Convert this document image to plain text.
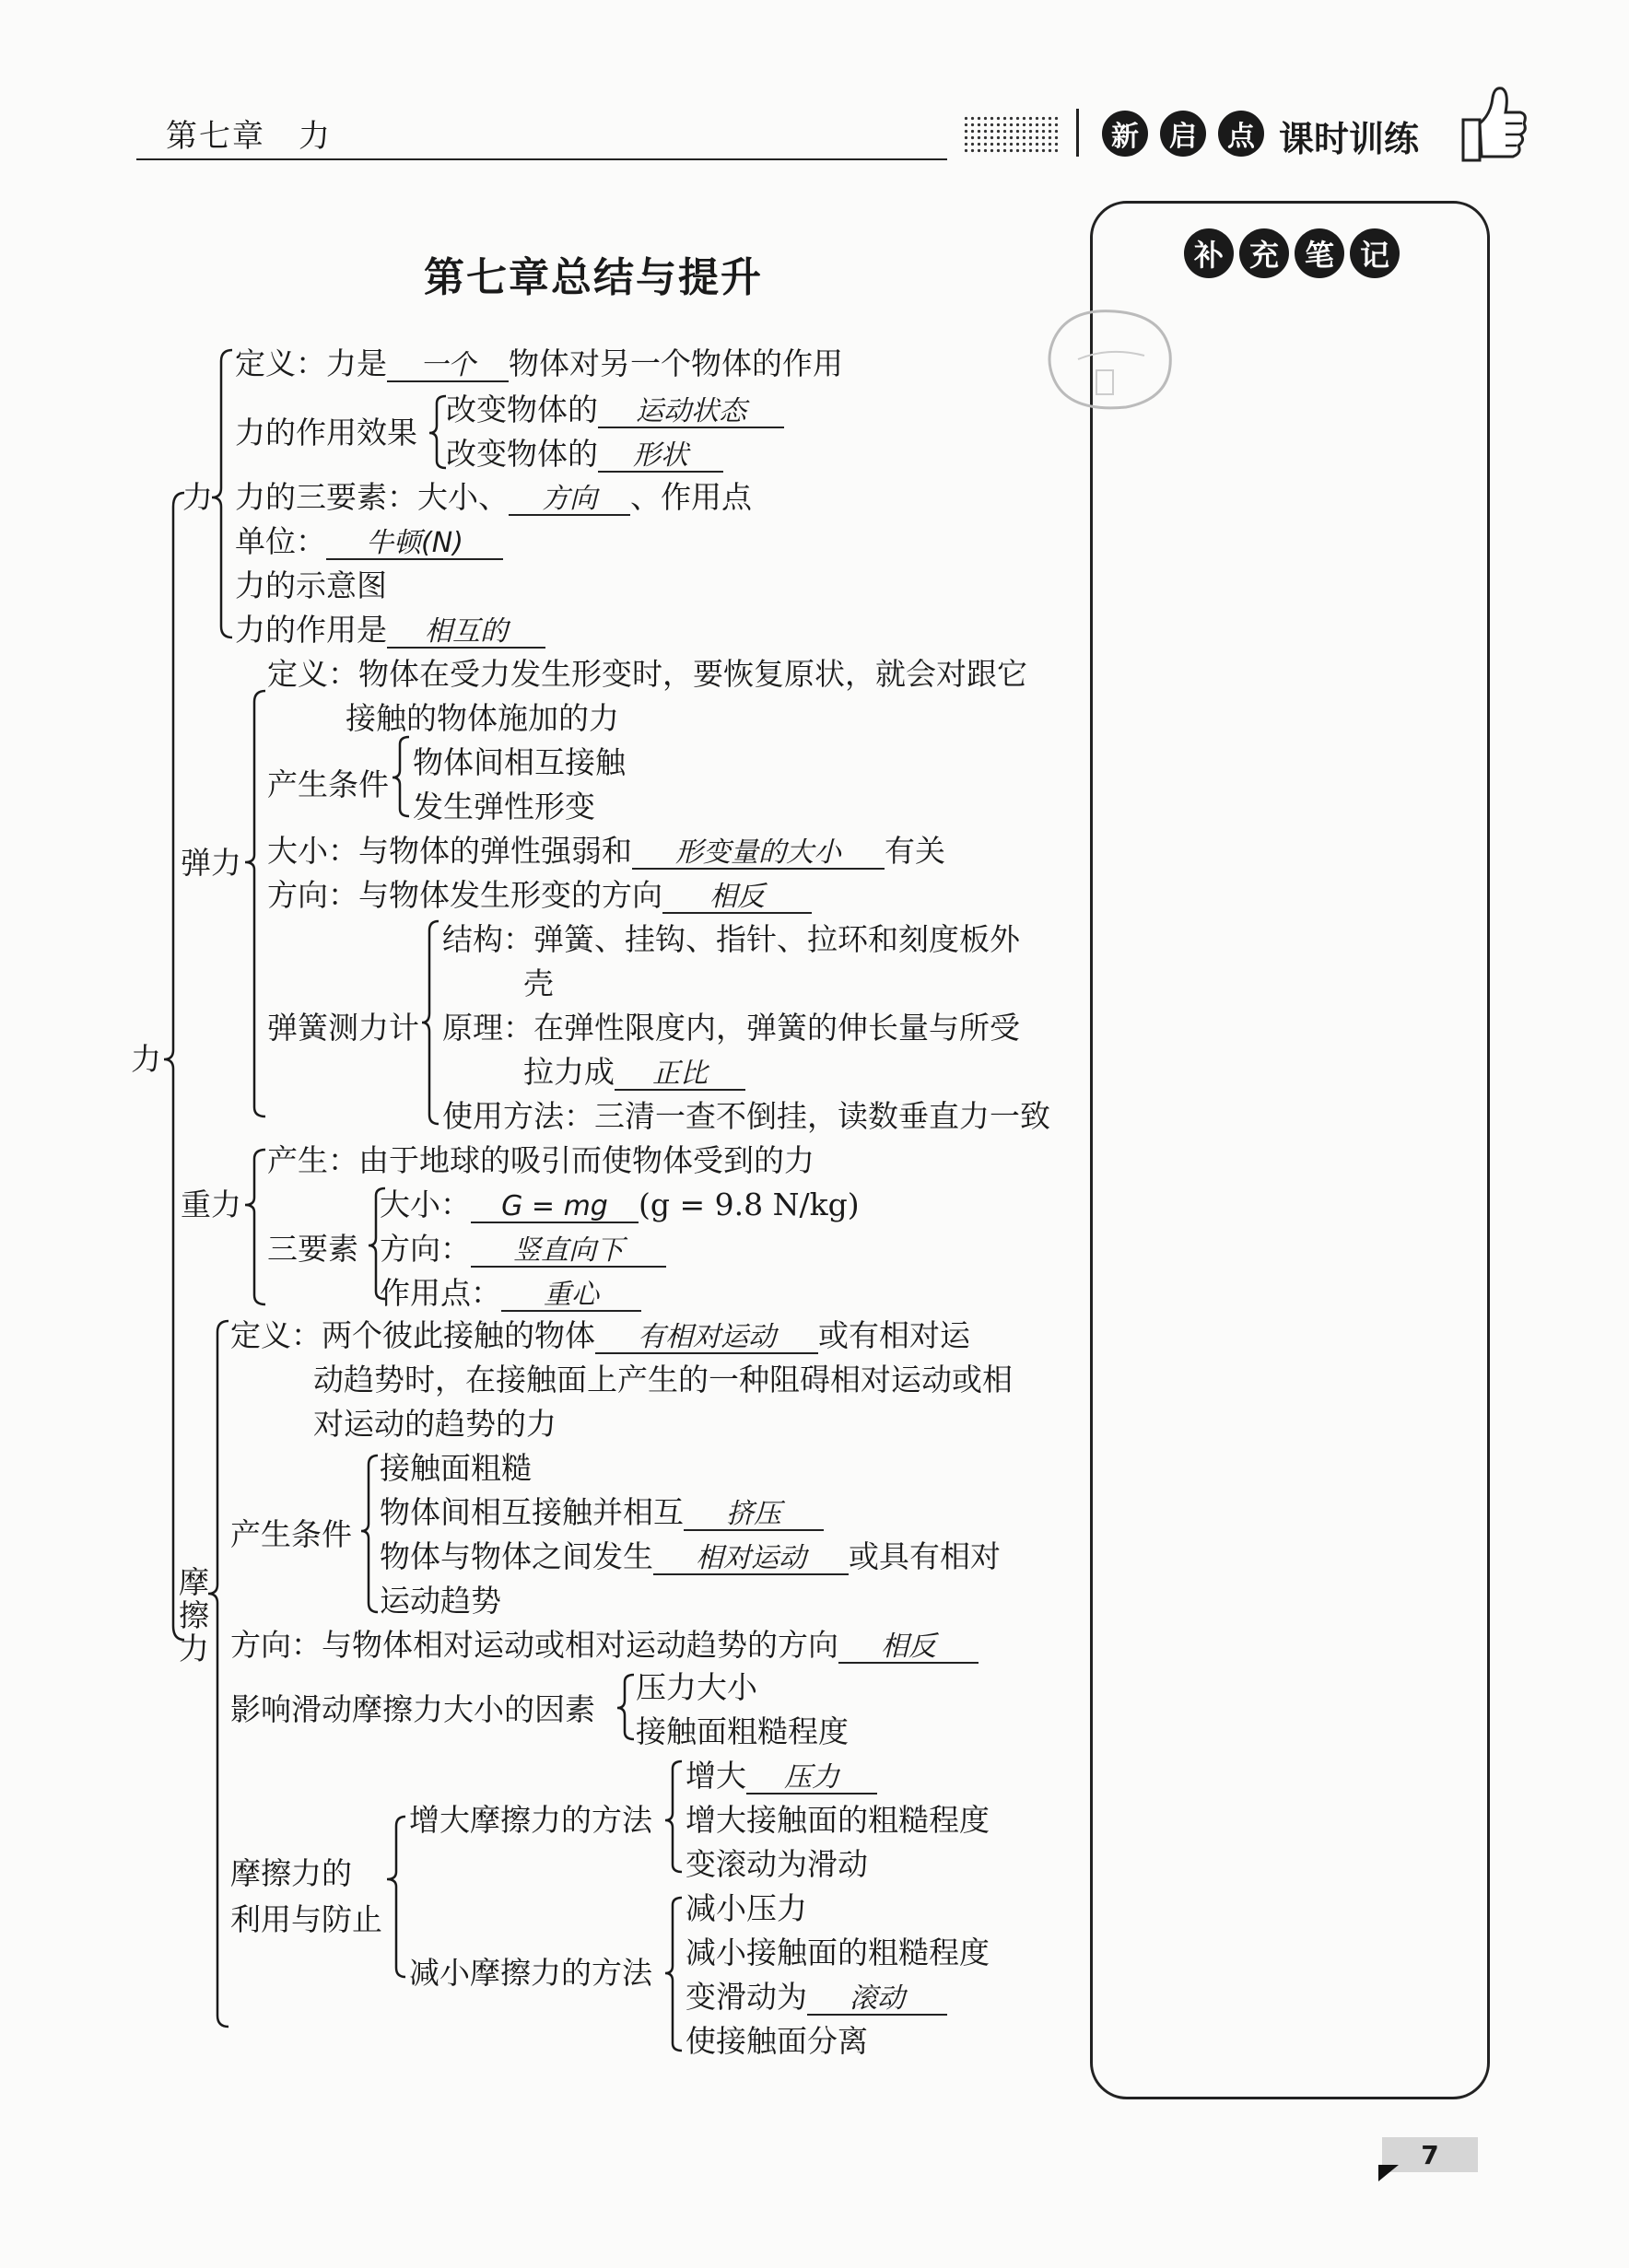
第七章　力	新	启	点 课时训练
第七章总结与提升	补 充 笔 记
7
力
力
定义：力是 一个 物体对另一个物体的作用
力的作用效果
改变物体的 运动状态
改变物体的 形状
力的三要素：大小、 方向 、作用点
单位： 牛顿(N)
力的示意图
力的作用是 相互的
弹力
定义：物体在受力发生形变时，要恢复原状，就会对跟它
接触的物体施加的力
产生条件
物体间相互接触
发生弹性形变
大小：与物体的弹性强弱和 形变量的大小 有关
方向：与物体发生形变的方向 相反
弹簧测力计
结构：弹簧、挂钩、指针、拉环和刻度板外
壳
原理：在弹性限度内，弹簧的伸长量与所受
拉力成 正比
使用方法：三清一查不倒挂，读数垂直力一致
重力
产生：由于地球的吸引而使物体受到的力
三要素
大小： G = mg (g = 9.8 N/kg)
方向： 竖直向下
作用点： 重心
摩擦力
定义：两个彼此接触的物体 有相对运动 或有相对运
动趋势时，在接触面上产生的一种阻碍相对运动或相
对运动的趋势的力
产生条件
接触面粗糙
物体间相互接触并相互 挤压
物体与物体之间发生 相对运动 或具有相对
运动趋势
方向：与物体相对运动或相对运动趋势的方向 相反
影响滑动摩擦力大小的因素
压力大小
接触面粗糙程度
摩擦力的
利用与防止
增大摩擦力的方法
增大 压力
增大接触面的粗糙程度
变滚动为滑动
减小摩擦力的方法
减小压力
减小接触面的粗糙程度
变滑动为 滚动
使接触面分离
